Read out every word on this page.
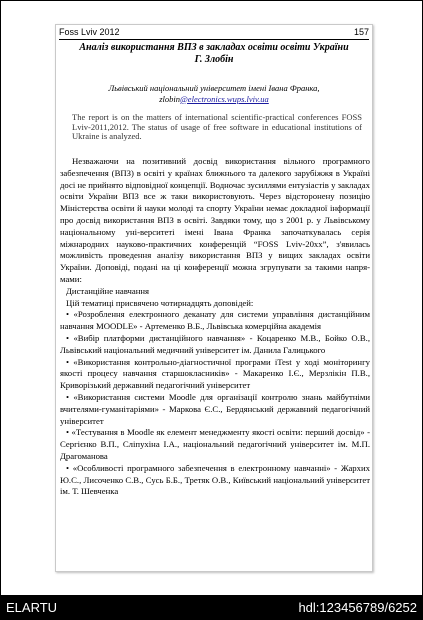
Foss Lviv 2012	157
Аналіз використання ВПЗ в закладах освіти освіти України
Г. Злобін
Львівський національний університет імені Івана Франка,
zlobin@electronics.wups.lviv.ua
The report is on the matters of international scientific-practical conferences FOSS Lviv-2011,2012. The status of usage of free software in educational institutions of Ukraine is analyzed.

Незважаючи на позитивний досвід використання вільного програмного забезпечення (ВПЗ) в освіті у країнах ближнього та далекого зарубіжжя в Україні досі не прийнято відповідної концепції. Водночас зусиллями ентузіастів у закладах освіти України ВПЗ все ж таки використовують. Через відсторонену позицію Міністерства освіти й науки молоді та спорту України немає докладної інформації про досвід використання ВПЗ в освіті. Завдяки тому, що з 2001 р. у Львівському національному уні-верситеті імені Івана Франка започаткувалась серія міжнародних науково-практичних конференцій “FOSS Lviv-20xx”, з'явилась можливість проведення аналізу використання ВПЗ у вищих закладах освіти України. Доповіді, подані на ці конференції можна згрупувати за такими напря-мами:

Дистанційне навчання

Цій тематиці присвячено чотирнадцять доповідей:

• «Розроблення електронного деканату для системи управління дистанційним навчання MOODLE» - Артеменко В.Б., Львівська комерційна академія

• «Вибір платформи дистанційного навчання» - Коцаренко М.В., Бойко О.В., Львівський національний медичний університет ім. Данила Галицького

• «Використання контрольно-діагностичної програми iTest у ході моніторингу якості процесу навчання старшокласників» - Макаренко І.Є., Мерзлікін П.В., Криворізький державний педагогічний університет

• «Використання системи Moodle для організації контролю знань майбутніми вчителями-гуманітаріями» - Маркова Є.С., Бердянський державний педагогічний університет

• «Тестування в Moodle як елемент менеджменту якості освіти: перший досвід» - Сергієнко В.П., Сліпухіна І.А., національний педагогічний університет ім. М.П. Драгоманова

• «Особливості програмного забезпечення в електронному навчанні» - Жархих Ю.С., Лисоченко С.В., Сусь Б.Б., Третяк О.В., Київський національний університет ім. Т. Шевченка

ELARTU	hdl:123456789/6252
